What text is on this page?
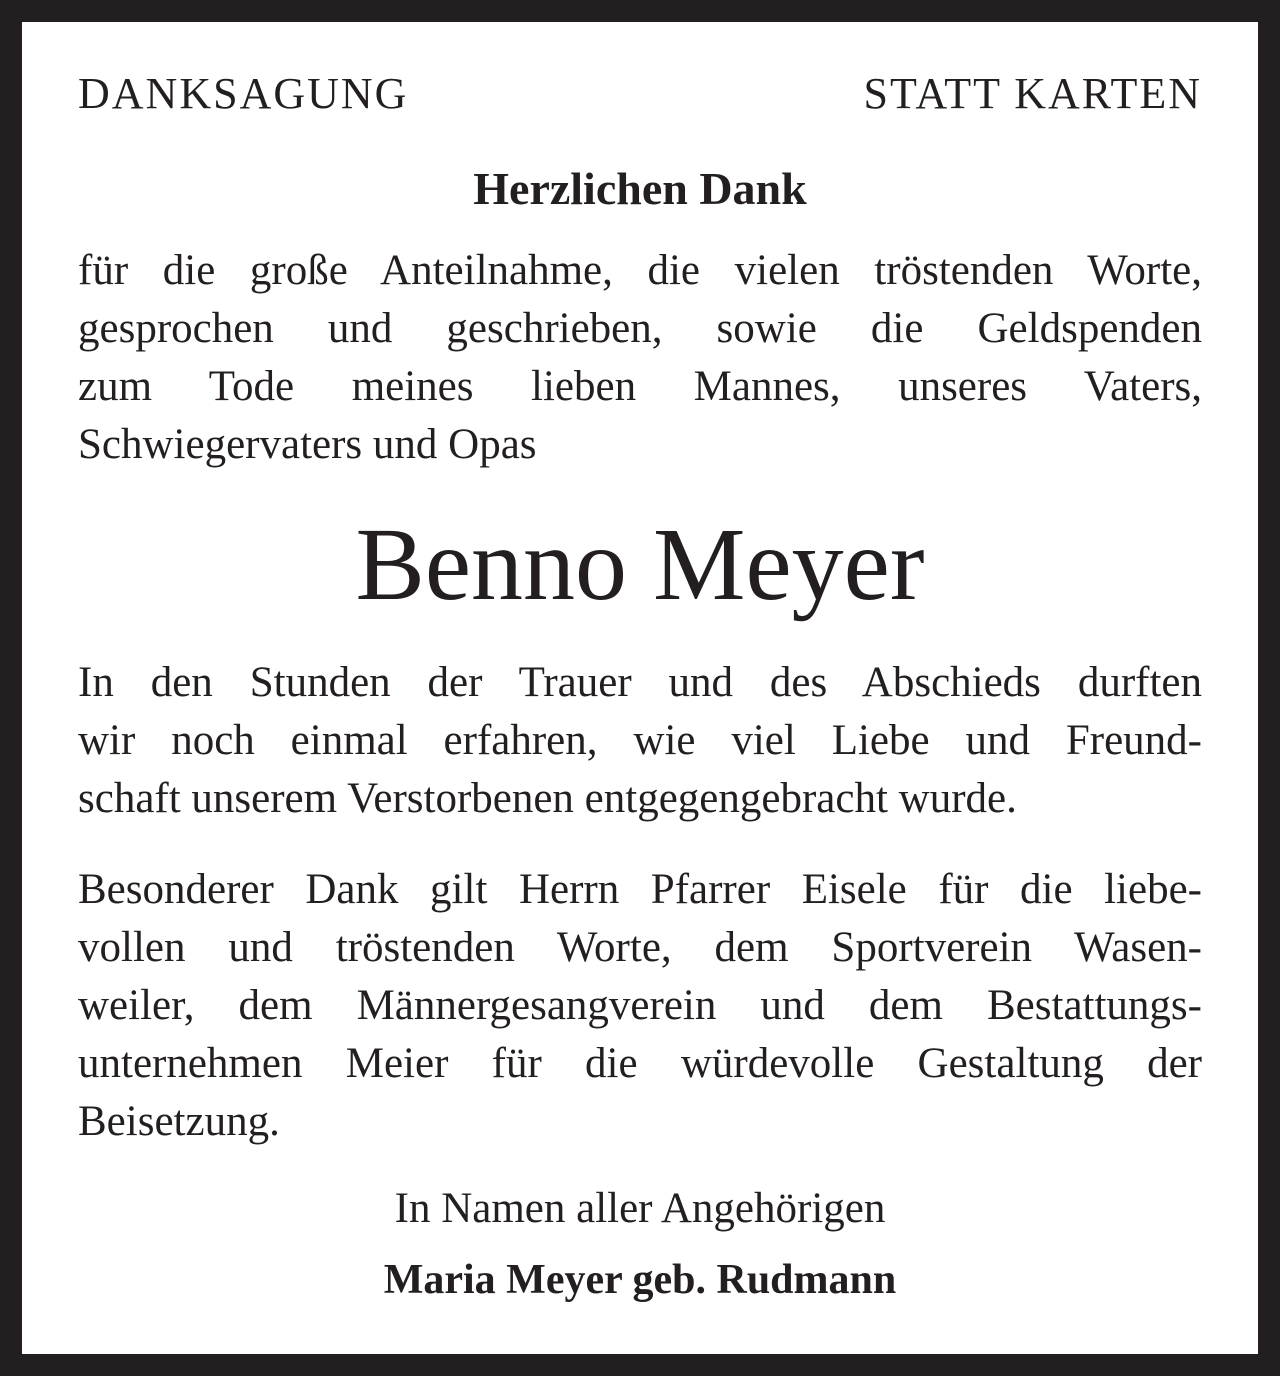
DANKSAGUNG	STATT KARTEN
Herzlichen Dank
für die große Anteilnahme, die vielen tröstenden Worte,
gesprochen und geschrieben, sowie die Geldspenden
zum Tode meines lieben Mannes, unseres Vaters,
Schwiegervaters und Opas
Benno Meyer
In den Stunden der Trauer und des Abschieds durften
wir noch einmal erfahren, wie viel Liebe und Freund-
schaft unserem Verstorbenen entgegengebracht wurde.
Besonderer Dank gilt Herrn Pfarrer Eisele für die liebe-
vollen und tröstenden Worte, dem Sportverein Wasen-
weiler, dem Männergesangverein und dem Bestattungs-
unternehmen Meier für die würdevolle Gestaltung der
Beisetzung.
In Namen aller Angehörigen
Maria Meyer geb. Rudmann
